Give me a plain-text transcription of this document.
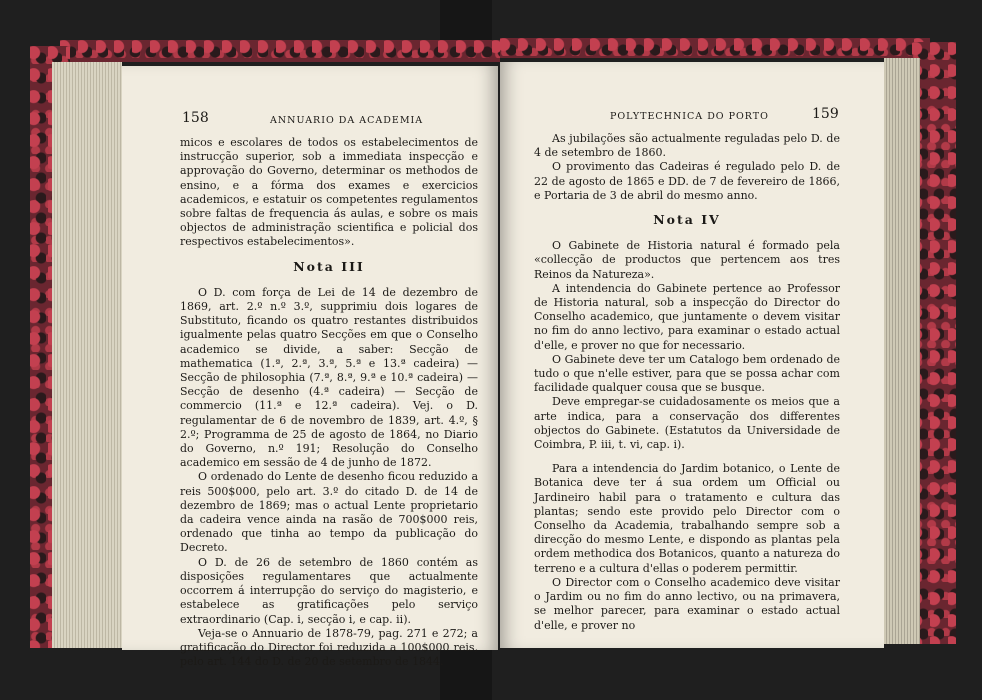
158	ANNUARIO DA ACADEMIA

micos e escolares de todos os estabelecimentos de instrucção superior, sob a immediata inspecção e approvação do Governo, determinar os methodos de ensino, e a fórma dos exames e exercicios academicos, e estatuir os competentes regulamentos sobre faltas de frequencia ás aulas, e sobre os mais objectos de administração scientifica e policial dos respectivos estabelecimentos».

Nota III

O D. com força de Lei de 14 de dezembro de 1869, art. 2.º n.º 3.º, supprimiu dois logares de Substituto, ficando os quatro restantes distribuidos igualmente pelas quatro Secções em que o Conselho academico se divide, a saber: Secção de mathematica (1.ª, 2.ª, 3.ª, 5.ª e 13.ª cadeira) — Secção de philosophia (7.ª, 8.ª, 9.ª e 10.ª cadeira) — Secção de desenho (4.ª cadeira) — Secção de commercio (11.ª e 12.ª cadeira). Vej. o D. regulamentar de 6 de novembro de 1839, art. 4.º, § 2.º; Programma de 25 de agosto de 1864, no Diario do Governo, n.º 191; Resolução do Conselho academico em sessão de 4 de junho de 1872.

O ordenado do Lente de desenho ficou reduzido a reis 500$000, pelo art. 3.º do citado D. de 14 de dezembro de 1869; mas o actual Lente proprietario da cadeira vence ainda na rasão de 700$000 reis, ordenado que tinha ao tempo da publicação do Decreto.

O D. de 26 de setembro de 1860 contém as disposições regulamentares que actualmente occorrem á interrupção do serviço do magisterio, e estabelece as gratificações pelo serviço extraordinario (Cap. i, secção i, e cap. ii).

Veja-se o Annuario de 1878-79, pag. 271 e 272; a gratificação do Director foi reduzida a 100$000 reis, pelo art. 144 do D. de 20 de setembro de 1844.

POLYTECHNICA DO PORTO	159

As jubilações são actualmente reguladas pelo D. de 4 de setembro de 1860.

O provimento das Cadeiras é regulado pelo D. de 22 de agosto de 1865 e DD. de 7 de fevereiro de 1866, e Portaria de 3 de abril do mesmo anno.

Nota IV

O Gabinete de Historia natural é formado pela «collecção de productos que pertencem aos tres Reinos da Natureza».

A intendencia do Gabinete pertence ao Professor de Historia natural, sob a inspecção do Director do Conselho academico, que juntamente o devem visitar no fim do anno lectivo, para examinar o estado actual d'elle, e prover no que for necessario.

O Gabinete deve ter um Catalogo bem ordenado de tudo o que n'elle estiver, para que se possa achar com facilidade qualquer cousa que se busque.

Deve empregar-se cuidadosamente os meios que a arte indica, para a conservação dos differentes objectos do Gabinete. (Estatutos da Universidade de Coimbra, P. iii, t. vi, cap. i).

Para a intendencia do Jardim botanico, o Lente de Botanica deve ter á sua ordem um Official ou Jardineiro habil para o tratamento e cultura das plantas; sendo este provido pelo Director com o Conselho da Academia, trabalhando sempre sob a direcção do mesmo Lente, e dispondo as plantas pela ordem methodica dos Botanicos, quanto a natureza do terreno e a cultura d'ellas o poderem permittir.

O Director com o Conselho academico deve visitar o Jardim ou no fim do anno lectivo, ou na primavera, se melhor parecer, para examinar o estado actual d'elle, e prover no
